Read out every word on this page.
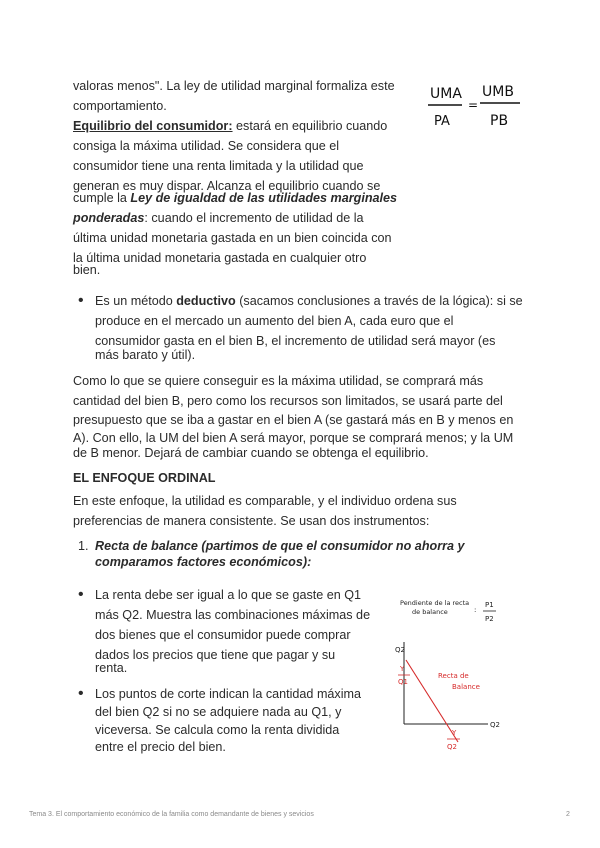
valoras menos". La ley de utilidad marginal formaliza este

comportamiento.

UMA
PA
=
UMB
PB

Equilibrio del consumidor: estará en equilibrio cuando

consiga la máxima utilidad. Se considera que el

consumidor tiene una renta limitada y la utilidad que

generan es muy dispar. Alcanza el equilibrio cuando se

cumple la Ley de igualdad de las utilidades marginales

ponderadas: cuando el incremento de utilidad de la

última unidad monetaria gastada en un bien coincida con

la última unidad monetaria gastada en cualquier otro

bien.

• Es un método deductivo (sacamos conclusiones a través de la lógica): si se

produce en el mercado un aumento del bien A, cada euro que el

consumidor gasta en el bien B, el incremento de utilidad será mayor (es

más barato y útil).

Como lo que se quiere conseguir es la máxima utilidad, se comprará más

cantidad del bien B, pero como los recursos son limitados, se usará parte del

presupuesto que se iba a gastar en el bien A (se gastará más en B y menos en

A). Con ello, la UM del bien A será mayor, porque se comprará menos; y la UM

de B menor. Dejará de cambiar cuando se obtenga el equilibrio.

EL ENFOQUE ORDINAL

En este enfoque, la utilidad es comparable, y el individuo ordena sus

preferencias de manera consistente. Se usan dos instrumentos:

1. Recta de balance (partimos de que el consumidor no ahorra y

comparamos factores económicos):

• La renta debe ser igual a lo que se gaste en Q1

más Q2. Muestra las combinaciones máximas de

dos bienes que el consumidor puede comprar

dados los precios que tiene que pagar y su

renta.

• Los puntos de corte indican la cantidad máxima

del bien Q2 si no se adquiere nada au Q1, y

viceversa. Se calcula como la renta dividida

entre el precio del bien.

Pendiente de la recta
de balance	:
P1
P2
Q2
Q2
Y
Q1
Y
Q2
Recta de
Balance
Tema 3. El comportamiento económico de la familia como demandante de bienes y sevicios	2
